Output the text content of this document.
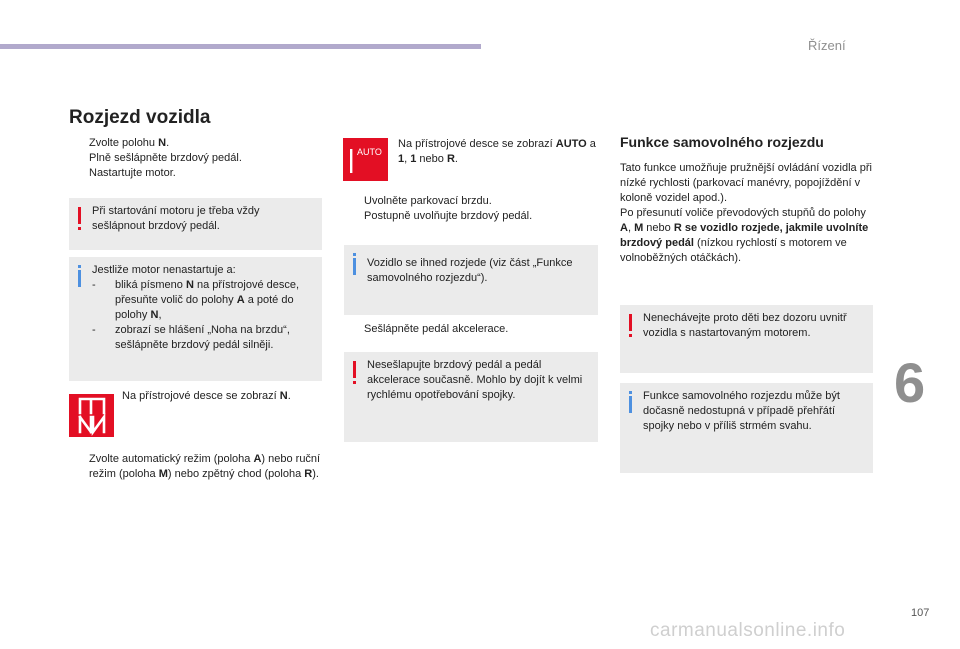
Řízení
6
107
carmanualsonline.info
Rozjezd vozidla
Zvolte polohu N.
Plně sešlápněte brzdový pedál.
Nastartujte motor.
Při startování motoru je třeba vždy sešlápnout brzdový pedál.
Jestliže motor nenastartuje a:
- bliká písmeno N na přístrojové desce, přesuňte volič do polohy A a poté do polohy N,
- zobrazí se hlášení „Noha na brzdu“, sešlápněte brzdový pedál silněji.
Na přístrojové desce se zobrazí N.
Zvolte automatický režim (poloha A) nebo ruční režim (poloha M) nebo zpětný chod (poloha R).
AUTO
Na přístrojové desce se zobrazí AUTO a 1, 1 nebo R.
Uvolněte parkovací brzdu.
Postupně uvolňujte brzdový pedál.
Vozidlo se ihned rozjede (viz část „Funkce samovolného rozjezdu“).
Sešlápněte pedál akcelerace.
Nesešlapujte brzdový pedál a pedál akcelerace současně. Mohlo by dojít k velmi rychlému opotřebování spojky.
Funkce samovolného rozjezdu
Tato funkce umožňuje pružnější ovládání vozidla při nízké rychlosti (parkovací manévry, popojíždění v koloně vozidel apod.).
Po přesunutí voliče převodových stupňů do polohy A, M nebo R se vozidlo rozjede, jakmile uvolníte brzdový pedál (nízkou rychlostí s motorem ve volnoběžných otáčkách).
Nenechávejte proto děti bez dozoru uvnitř vozidla s nastartovaným motorem.
Funkce samovolného rozjezdu může být dočasně nedostupná v případě přehřátí spojky nebo v příliš strmém svahu.
